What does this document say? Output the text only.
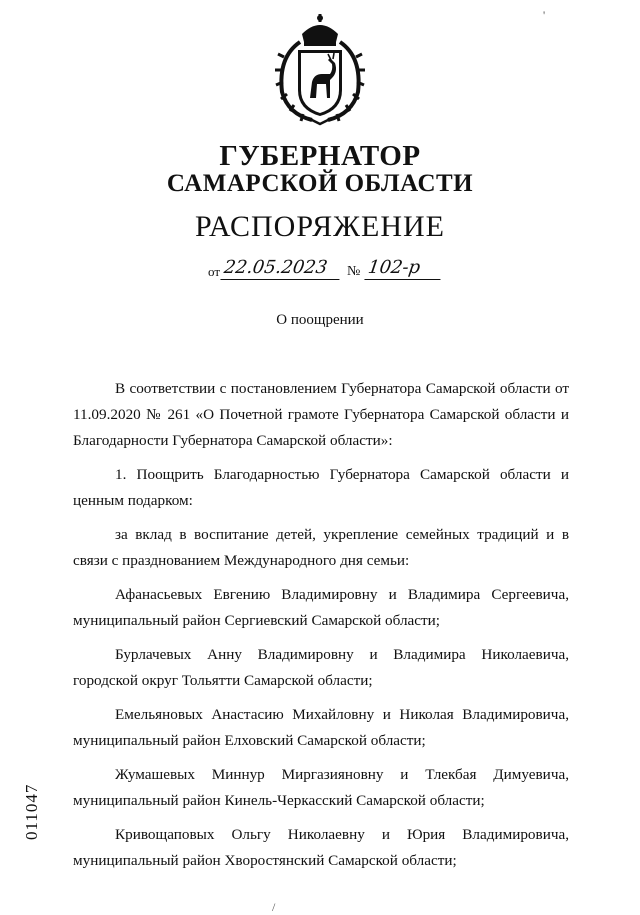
ГУБЕРНАТОР
САМАРСКОЙ ОБЛАСТИ
РАСПОРЯЖЕНИЕ
от 22.05.2023	№ 102-р
О поощрении

В соответствии с постановлением Губернатора Самарской области от 11.09.2020 № 261 «О Почетной грамоте Губернатора Самарской области и Благодарности Губернатора Самарской области»:

1. Поощрить Благодарностью Губернатора Самарской области и ценным подарком:

за вклад в воспитание детей, укрепление семейных традиций и в связи с празднованием Международного дня семьи:

Афанасьевых Евгению Владимировну и Владимира Сергеевича, муниципальный район Сергиевский Самарской области;

Бурлачевых Анну Владимировну и Владимира Николаевича, городской округ Тольятти Самарской области;

Емельяновых Анастасию Михайловну и Николая Владимировича, муниципальный район Елховский Самарской области;

Жумашевых Миннур Миргазияновну и Тлекбая Димуевича, муниципальный район Кинель-Черкасский Самарской области;

Кривощаповых Ольгу Николаевну и Юрия Владимировича, муниципальный район Хворостянский Самарской области;

011047
'
/
